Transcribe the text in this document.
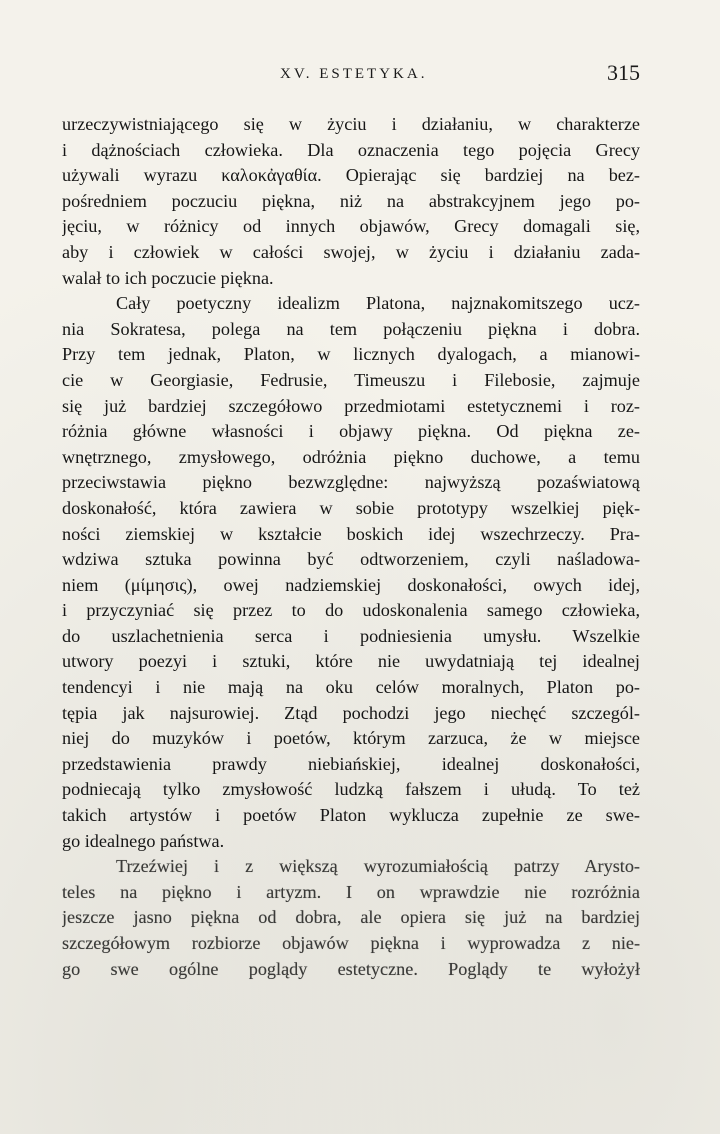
XV. ESTETYKA.	315
urzeczywistniającego się w życiu i działaniu, w charakterze
i dążnościach człowieka. Dla oznaczenia tego pojęcia Grecy
używali wyrazu καλοκἀγαθία. Opierając się bardziej na bez-
pośredniem poczuciu piękna, niż na abstrakcyjnem jego po-
jęciu, w różnicy od innych objawów, Grecy domagali się,
aby i człowiek w całości swojej, w życiu i działaniu zada-
walał to ich poczucie piękna.
Cały poetyczny idealizm Platona, najznakomitszego ucz-
nia Sokratesa, polega na tem połączeniu piękna i dobra.
Przy tem jednak, Platon, w licznych dyalogach, a mianowi-
cie w Georgiasie, Fedrusie, Timeuszu i Filebosie, zajmuje
się już bardziej szczegółowo przedmiotami estetycznemi i roz-
różnia główne własności i objawy piękna. Od piękna ze-
wnętrznego, zmysłowego, odróżnia piękno duchowe, a temu
przeciwstawia piękno bezwzględne: najwyższą pozaświatową
doskonałość, która zawiera w sobie prototypy wszelkiej pięk-
ności ziemskiej w kształcie boskich idej wszechrzeczy. Pra-
wdziwa sztuka powinna być odtworzeniem, czyli naśladowa-
niem (μίμησις), owej nadziemskiej doskonałości, owych idej,
i przyczyniać się przez to do udoskonalenia samego człowieka,
do uszlachetnienia serca i podniesienia umysłu. Wszelkie
utwory poezyi i sztuki, które nie uwydatniają tej idealnej
tendencyi i nie mają na oku celów moralnych, Platon po-
tępia jak najsurowiej. Ztąd pochodzi jego niechęć szczegól-
niej do muzyków i poetów, którym zarzuca, że w miejsce
przedstawienia prawdy niebiańskiej, idealnej doskonałości,
podniecają tylko zmysłowość ludzką fałszem i ułudą. To też
takich artystów i poetów Platon wyklucza zupełnie ze swe-
go idealnego państwa.
Trzeźwiej i z większą wyrozumiałością patrzy Arysto-
teles na piękno i artyzm. I on wprawdzie nie rozróżnia
jeszcze jasno piękna od dobra, ale opiera się już na bardziej
szczegółowym rozbiorze objawów piękna i wyprowadza z nie-
go swe ogólne poglądy estetyczne. Poglądy te wyłożył
